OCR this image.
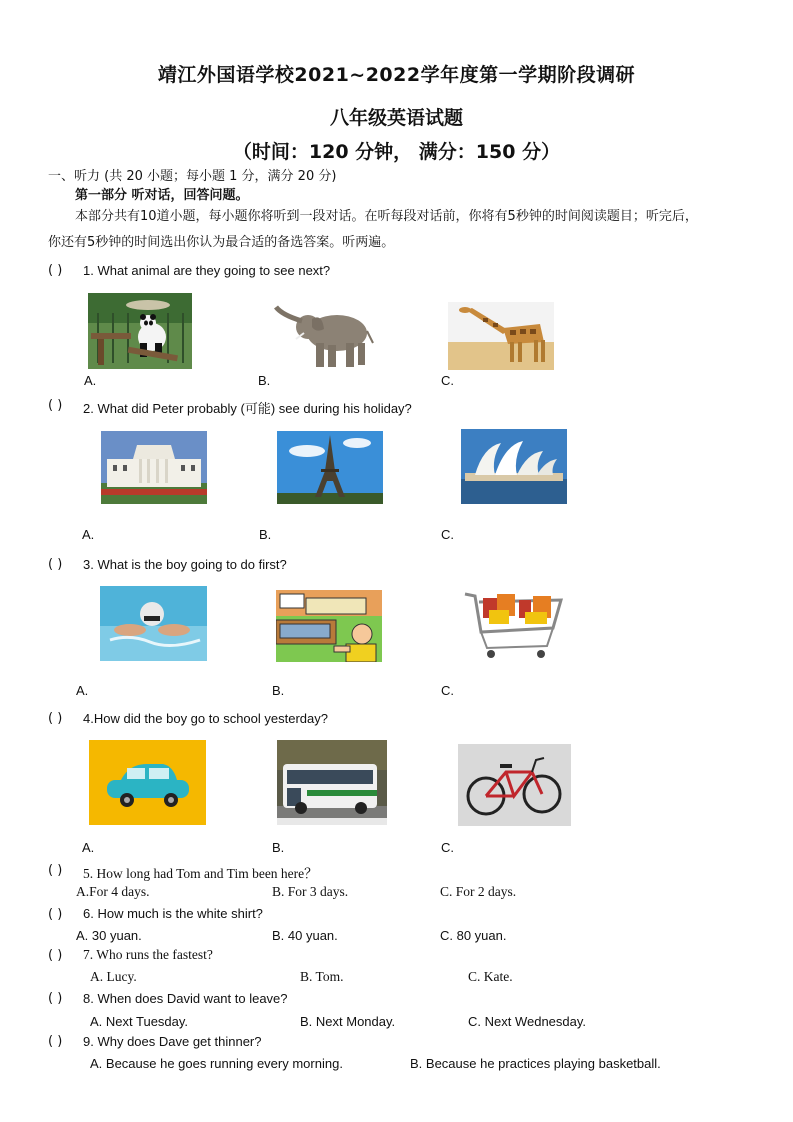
靖江外国语学校2021~2022学年度第一学期阶段调研
八年级英语试题
（时间：120 分钟， 满分：150 分）
一、听力 (共 20 小题；每小题 1 分，满分 20 分)
第一部分 听对话，回答问题。
本部分共有10道小题，每小题你将听到一段对话。在听每段对话前，你将有5秒钟的时间阅读题目；听完后，
你还有5秒钟的时间选出你认为最合适的备选答案。听两遍。
( ) 1. What animal are they going to see next?
A.	B.	C.
( ) 2. What did Peter probably (可能) see during his holiday?
A.	B.	C.
( ) 3. What is the boy going to do first?
A.	B.	C.
( ) 4.How did the boy go to school yesterday?
A.	B.	C.
( ) 5. How long had Tom and Tim been here？
A.For 4 days.	B. For 3 days.	C. For 2 days.
( ) 6. How much is the white shirt?
A. 30 yuan.	B. 40 yuan.	C. 80 yuan.
( ) 7. Who runs the fastest?
A. Lucy.	B. Tom.	C. Kate.
( ) 8. When does David want to leave?
A. Next Tuesday.	B. Next Monday.	C. Next Wednesday.
( ) 9. Why does Dave get thinner?
A. Because he goes running every morning.	B. Because he practices playing basketball.
